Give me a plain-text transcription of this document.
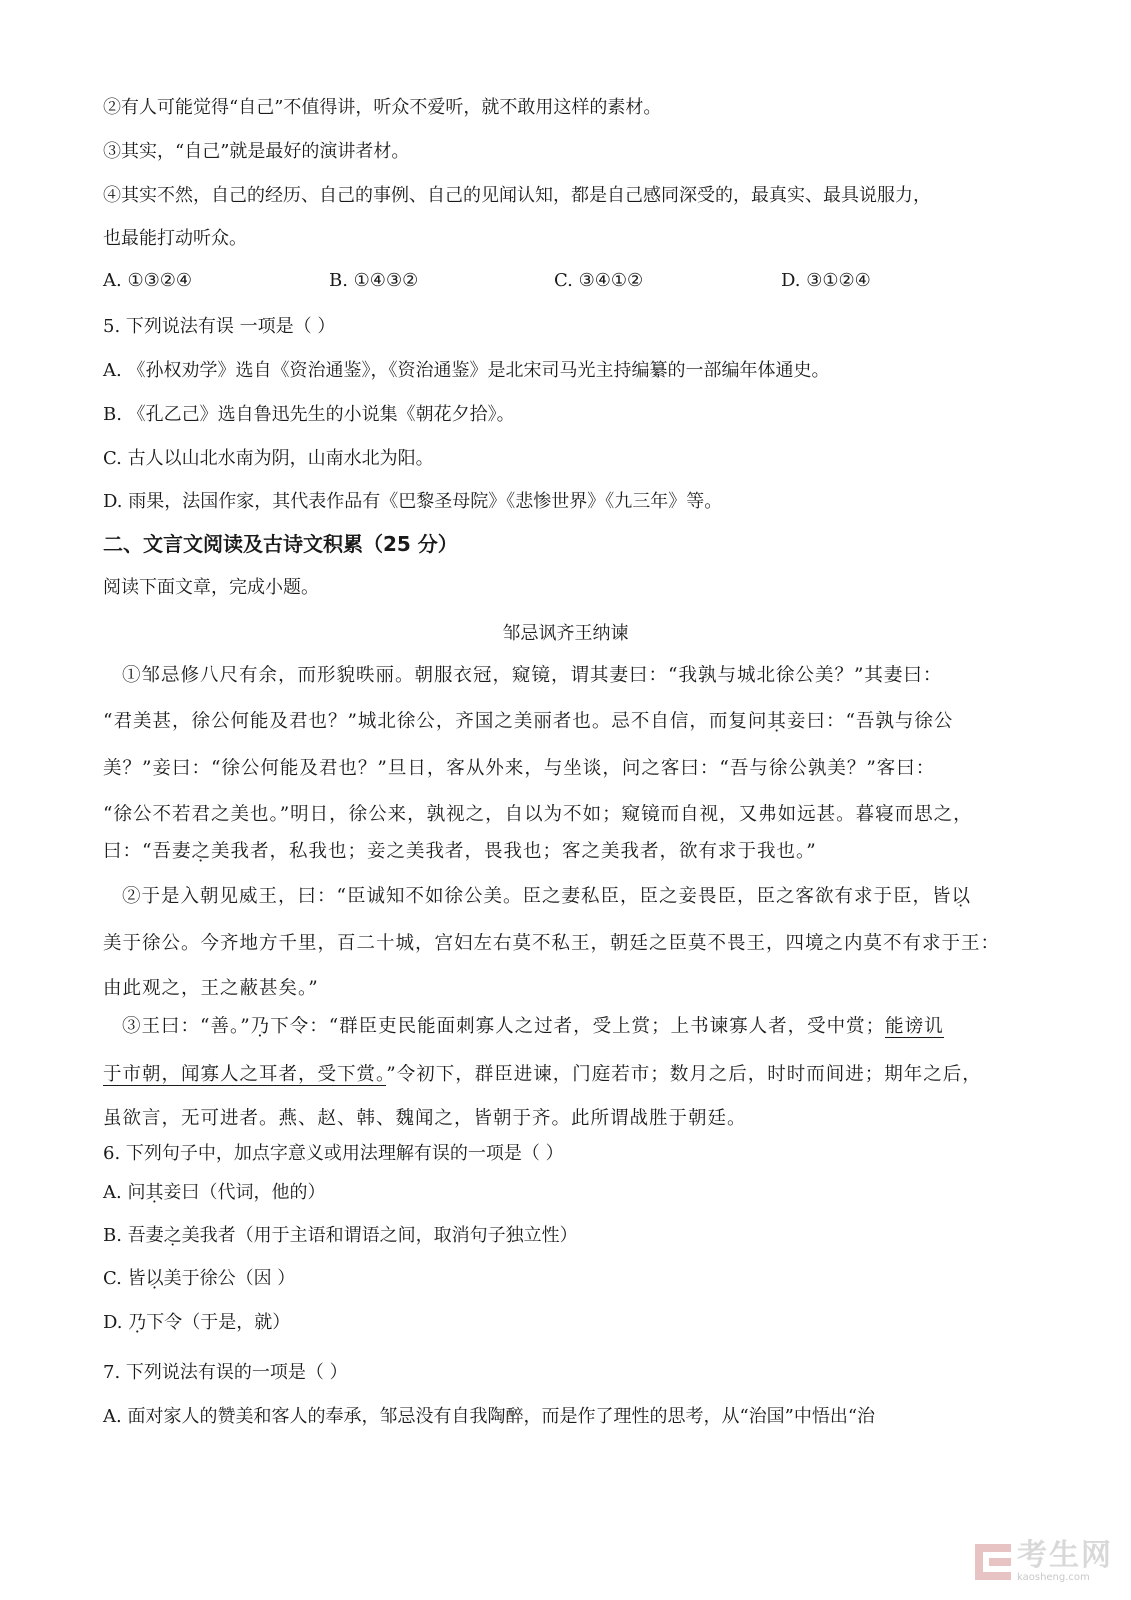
②有人可能觉得“自己”不值得讲，听众不爱听，就不敢用这样的素材。
③其实，“自己”就是最好的演讲者材。
④其实不然，自己的经历、自己的事例、自己的见闻认知，都是自己感同深受的，最真实、最具说服力，
也最能打动听众。
A. ①③②④	B. ①④③②	C. ③④①②	D. ③①②④
5. 下列说法有误 一项是（ ）
A. 《孙权劝学》选自《资治通鉴》，《资治通鉴》是北宋司马光主持编纂的一部编年体通史。
B. 《孔乙己》选自鲁迅先生的小说集《朝花夕拾》。
C. 古人以山北水南为阴，山南水北为阳。
D. 雨果，法国作家，其代表作品有《巴黎圣母院》《悲惨世界》《九三年》等。
二、文言文阅读及古诗文积累（25 分）
阅读下面文章，完成小题。
邹忌讽齐王纳谏
①邹忌修八尺有余，而形貌昳丽。朝服衣冠，窥镜，谓其妻曰：“我孰与城北徐公美？”其妻曰：
“君美甚，徐公何能及君也？”城北徐公，齐国之美丽者也。忌不自信，而复问其妾曰：“吾孰与徐公
美？”妾曰：“徐公何能及君也？”旦日，客从外来，与坐谈，问之客曰：“吾与徐公孰美？”客曰：
“徐公不若君之美也。”明日，徐公来，孰视之，自以为不如；窥镜而自视，又弗如远甚。暮寝而思之，
曰：“吾妻之美我者，私我也；妾之美我者，畏我也；客之美我者，欲有求于我也。”
②于是入朝见威王，曰：“臣诚知不如徐公美。臣之妻私臣，臣之妾畏臣，臣之客欲有求于臣，皆以
美于徐公。今齐地方千里，百二十城，宫妇左右莫不私王，朝廷之臣莫不畏王，四境之内莫不有求于王：
由此观之，王之蔽甚矣。”
③王曰：“善。”乃下令：“群臣吏民能面刺寡人之过者，受上赏；上书谏寡人者，受中赏；能谤讥
于市朝，闻寡人之耳者，受下赏。”令初下，群臣进谏，门庭若市；数月之后，时时而间进；期年之后，
虽欲言，无可进者。燕、赵、韩、魏闻之，皆朝于齐。此所谓战胜于朝廷。
6. 下列句子中，加点字意义或用法理解有误的一项是（ ）
A. 问其妾曰（代词，他的）
B. 吾妻之美我者（用于主语和谓语之间，取消句子独立性）
C. 皆以美于徐公（因 ）
D. 乃下令（于是，就）
7. 下列说法有误的一项是（ ）
A. 面对家人的赞美和客人的奉承，邹忌没有自我陶醉，而是作了理性的思考，从“治国”中悟出“治
考生网
kaosheng.com
